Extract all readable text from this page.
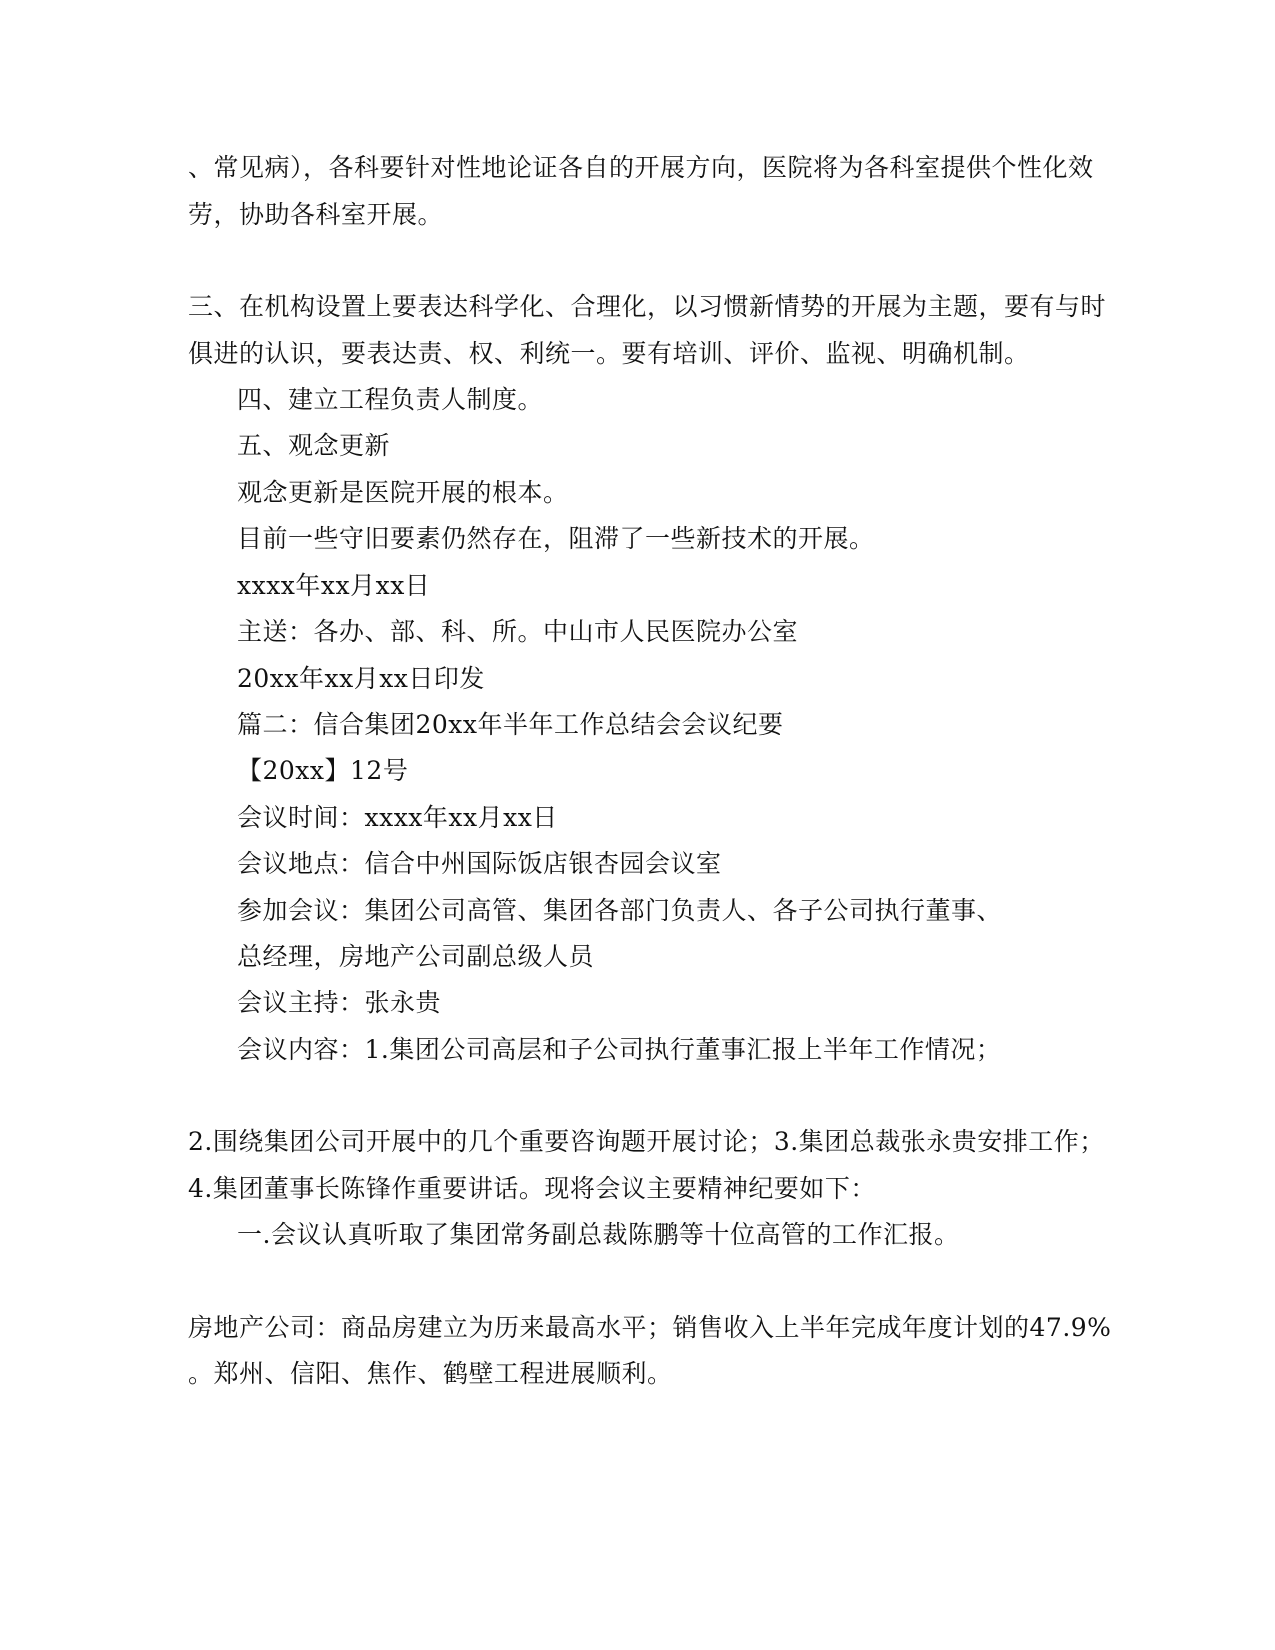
、常见病），各科要针对性地论证各自的开展方向，医院将为各科室提供个性化效
劳，协助各科室开展。
三、在机构设置上要表达科学化、合理化，以习惯新情势的开展为主题，要有与时
俱进的认识，要表达责、权、利统一。要有培训、评价、监视、明确机制。
四、建立工程负责人制度。
五、观念更新
观念更新是医院开展的根本。
目前一些守旧要素仍然存在，阻滞了一些新技术的开展。
xxxx年xx月xx日
主送：各办、部、科、所。中山市人民医院办公室
20xx年xx月xx日印发
篇二：信合集团20xx年半年工作总结会会议纪要
【20xx】12号
会议时间：xxxx年xx月xx日
会议地点：信合中州国际饭店银杏园会议室
参加会议：集团公司高管、集团各部门负责人、各子公司执行董事、
总经理，房地产公司副总级人员
会议主持：张永贵
会议内容：1.集团公司高层和子公司执行董事汇报上半年工作情况；
2.围绕集团公司开展中的几个重要咨询题开展讨论；3.集团总裁张永贵安排工作；
4.集团董事长陈锋作重要讲话。现将会议主要精神纪要如下：
一.会议认真听取了集团常务副总裁陈鹏等十位高管的工作汇报。
房地产公司：商品房建立为历来最高水平；销售收入上半年完成年度计划的47.9%
。郑州、信阳、焦作、鹤壁工程进展顺利。
